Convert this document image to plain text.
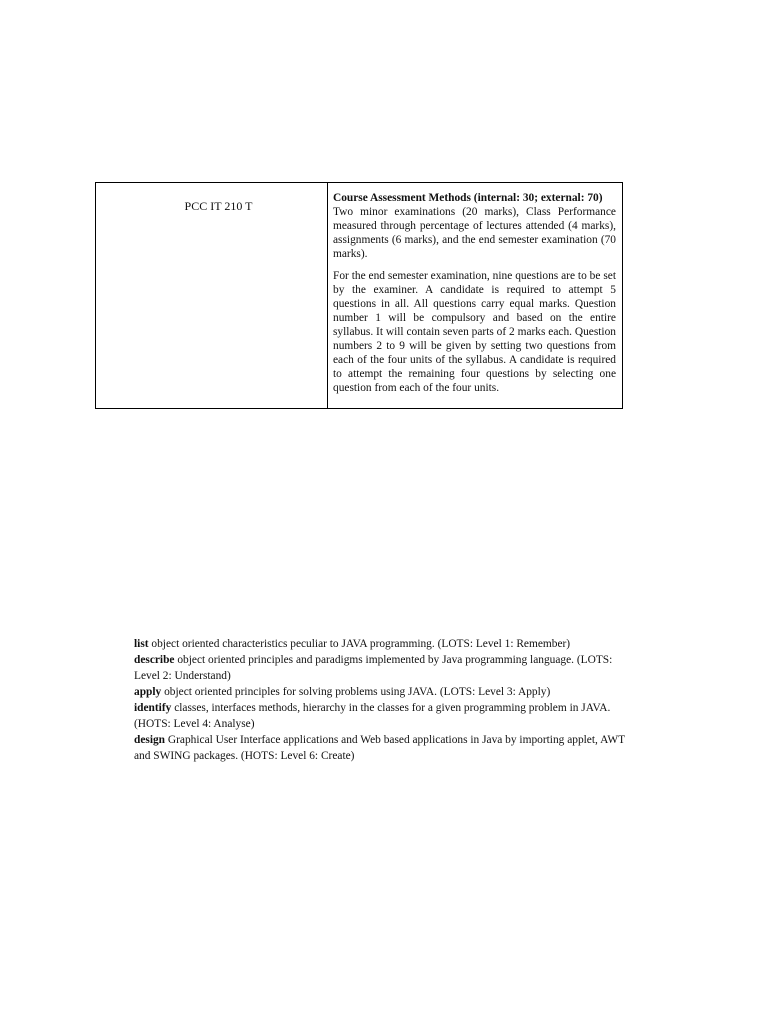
PCC IT 210 T

Course Assessment Methods (internal: 30; external: 70)

Two minor examinations (20 marks), Class Performance measured through percentage of lectures attended (4 marks), assignments (6 marks), and the end semester examination (70 marks).

For the end semester examination, nine questions are to be set by the examiner. A candidate is required to attempt 5 questions in all. All questions carry equal marks. Question number 1 will be compulsory and based on the entire syllabus. It will contain seven parts of 2 marks each. Question numbers 2 to 9 will be given by setting two questions from each of the four units of the syllabus. A candidate is required to attempt the remaining four questions by selecting one question from each of the four units.

list object oriented characteristics peculiar to JAVA programming. (LOTS: Level 1: Remember)
describe object oriented principles and paradigms implemented by Java programming language. (LOTS: Level 2: Understand)
apply object oriented principles for solving problems using JAVA. (LOTS: Level 3: Apply)
identify classes, interfaces methods, hierarchy in the classes for a given programming problem in JAVA. (HOTS: Level 4: Analyse)
design Graphical User Interface applications and Web based applications in Java by importing applet, AWT and SWING packages. (HOTS: Level 6: Create)
